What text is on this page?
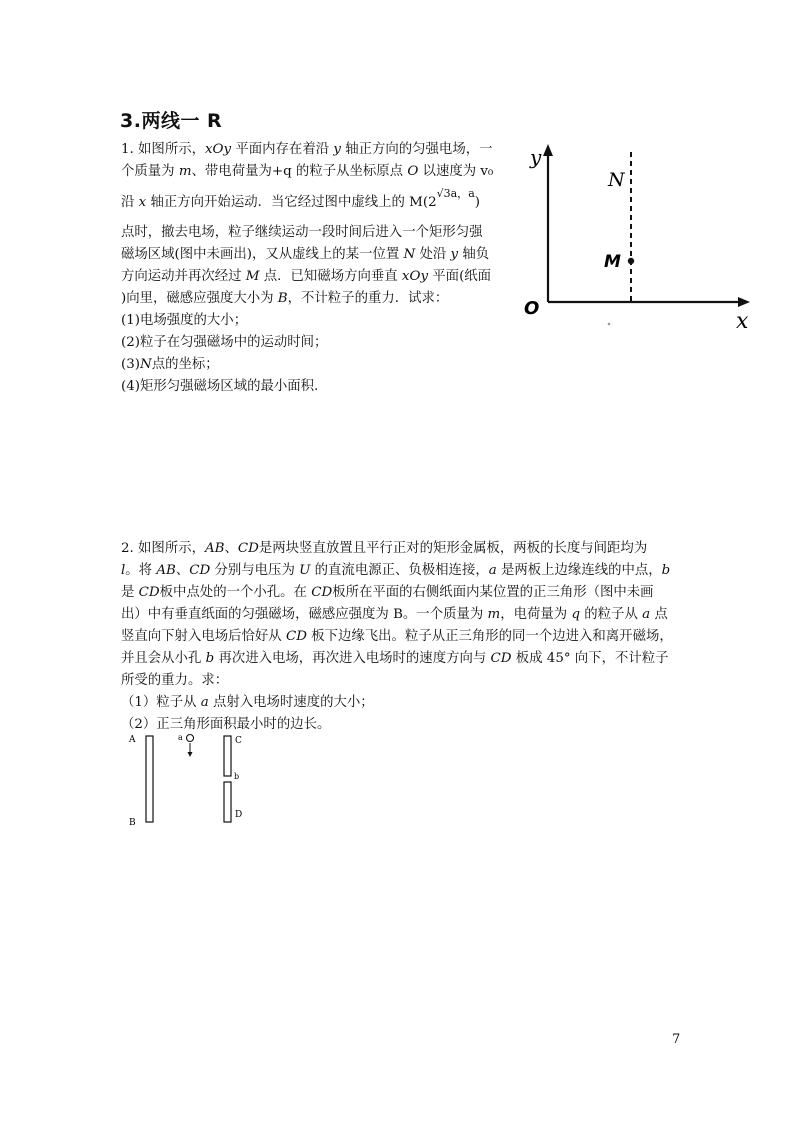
3.两线一 R
1. 如图所示，xOy 平面内存在着沿 y 轴正方向的匀强电场，一
个质量为 m、带电荷量为+q 的粒子从坐标原点 O 以速度为 v₀
沿 x 轴正方向开始运动．当它经过图中虚线上的 $M(2^{√3a,a})$
点时，撤去电场，粒子继续运动一段时间后进入一个矩形匀强
磁场区域(图中未画出)，又从虚线上的某一位置 N 处沿 y 轴负
方向运动并再次经过 M 点．已知磁场方向垂直 xOy 平面(纸面
)向里，磁感应强度大小为 B，不计粒子的重力．试求：
(1)电场强度的大小；
(2)粒子在匀强磁场中的运动时间；
(3)N点的坐标；
(4)矩形匀强磁场区域的最小面积.
y
x
O
N
M
2. 如图所示，AB、CD是两块竖直放置且平行正对的矩形金属板，两板的长度与间距均为
l。将 AB、CD 分别与电压为 U 的直流电源正、负极相连接，a 是两板上边缘连线的中点，b
是 CD板中点处的一个小孔。在 CD板所在平面的右侧纸面内某位置的正三角形（图中未画
出）中有垂直纸面的匀强磁场，磁感应强度为 B。一个质量为 m，电荷量为 q 的粒子从 a 点
竖直向下射入电场后恰好从 CD 板下边缘飞出。粒子从正三角形的同一个边进入和离开磁场，
并且会从小孔 b 再次进入电场，再次进入电场时的速度方向与 CD 板成 45° 向下，不计粒子
所受的重力。求：
（1）粒子从 a 点射入电场时速度的大小；
（2）正三角形面积最小时的边长。
A
B
C
D
a
b
7
